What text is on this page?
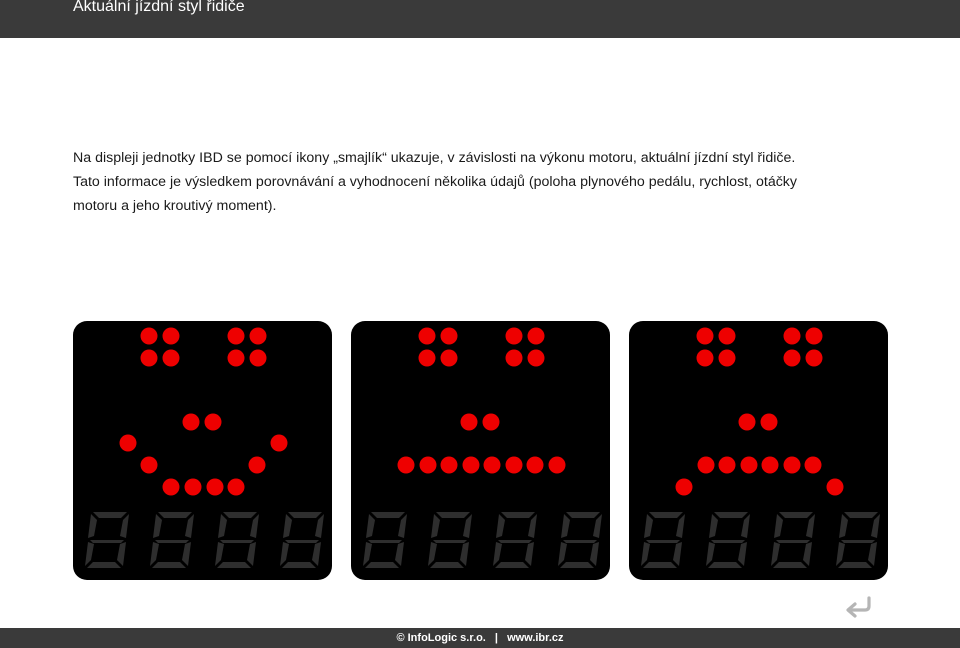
Aktuální jízdní styl řidiče
Na displeji jednotky IBD se pomocí ikony „smajlík“ ukazuje, v závislosti na výkonu motoru, aktuální jízdní styl řidiče.
Tato informace je výsledkem porovnávání a vyhodnocení několika údajů (poloha plynového pedálu, rychlost, otáčky
motoru a jeho kroutivý moment).
© InfoLogic s.r.o. | www.ibr.cz
